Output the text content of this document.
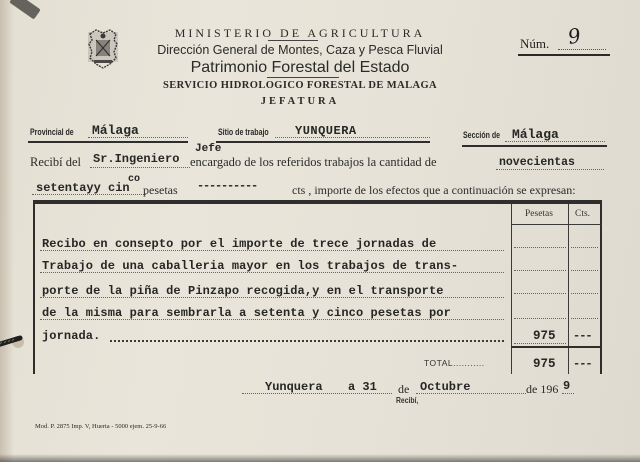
MINISTERIO DE AGRICULTURA
Dirección General de Montes, Caza y Pesca Fluvial
Patrimonio Forestal del Estado
SERVICIO HIDROLOGICO FORESTAL DE MALAGA
JEFATURA
Núm. 9
Provincial de Málaga	Sitio de trabajo YUNQUERA	Sección de Málaga
Recibí del Sr.Ingeniero
Jefe
encargado de los referidos trabajos la cantidad de	novecientas
setentayy cin
co
pesetas ----------	cts , importe de los efectos que a continuación se expresan:
Pesetas Cts.
Recibo en consepto por el importe de trece jornadas de
Trabajo de una caballeria mayor en los trabajos de trans-
porte de la piña de Pinzapo recogida,y en el transporte
de la misma para sembrarla a setenta y cinco pesetas por
jornada.	975 ---
TOTAL...........	975 ---
Yunquera a 31 de Octubre	de 196 9
Recibí,
Mod. P. 2875 Imp. V, Huerta - 5000 ejem. 25-9-66
